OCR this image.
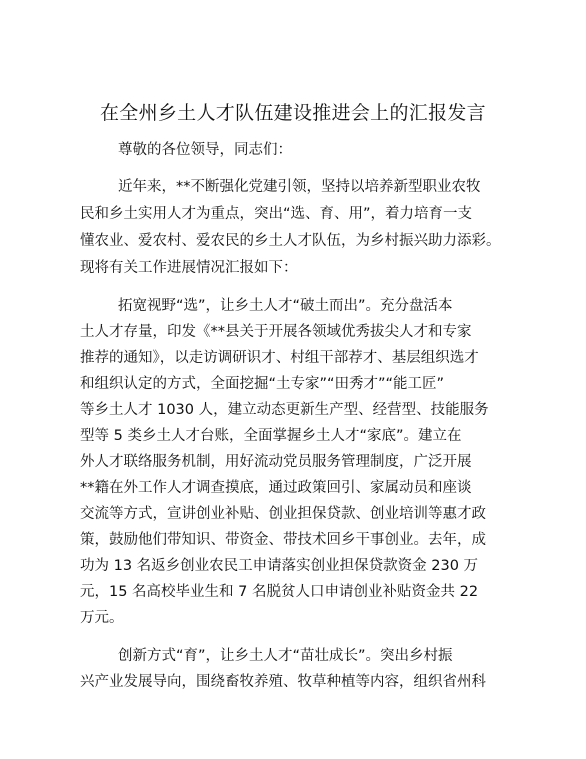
在全州乡土人才队伍建设推进会上的汇报发言
尊敬的各位领导，同志们：
近年来，**不断强化党建引领，坚持以培养新型职业农牧
民和乡土实用人才为重点，突出“选、育、用”，着力培育一支
懂农业、爱农村、爱农民的乡土人才队伍，为乡村振兴助力添彩。
现将有关工作进展情况汇报如下：
拓宽视野“选”，让乡土人才“破土而出”。充分盘活本
土人才存量，印发《**县关于开展各领域优秀拔尖人才和专家
推荐的通知》，以走访调研识才、村组干部荐才、基层组织选才
和组织认定的方式，全面挖掘“土专家”“田秀才”“能工匠”
等乡土人才 1030 人，建立动态更新生产型、经营型、技能服务
型等 5 类乡土人才台账，全面掌握乡土人才“家底”。建立在
外人才联络服务机制，用好流动党员服务管理制度，广泛开展
**籍在外工作人才调查摸底，通过政策回引、家属动员和座谈
交流等方式，宣讲创业补贴、创业担保贷款、创业培训等惠才政
策，鼓励他们带知识、带资金、带技术回乡干事创业。去年，成
功为 13 名返乡创业农民工申请落实创业担保贷款资金 230 万
元，15 名高校毕业生和 7 名脱贫人口申请创业补贴资金共 22
万元。
创新方式“育”，让乡土人才“苗壮成长”。突出乡村振
兴产业发展导向，围绕畜牧养殖、牧草种植等内容，组织省州科
